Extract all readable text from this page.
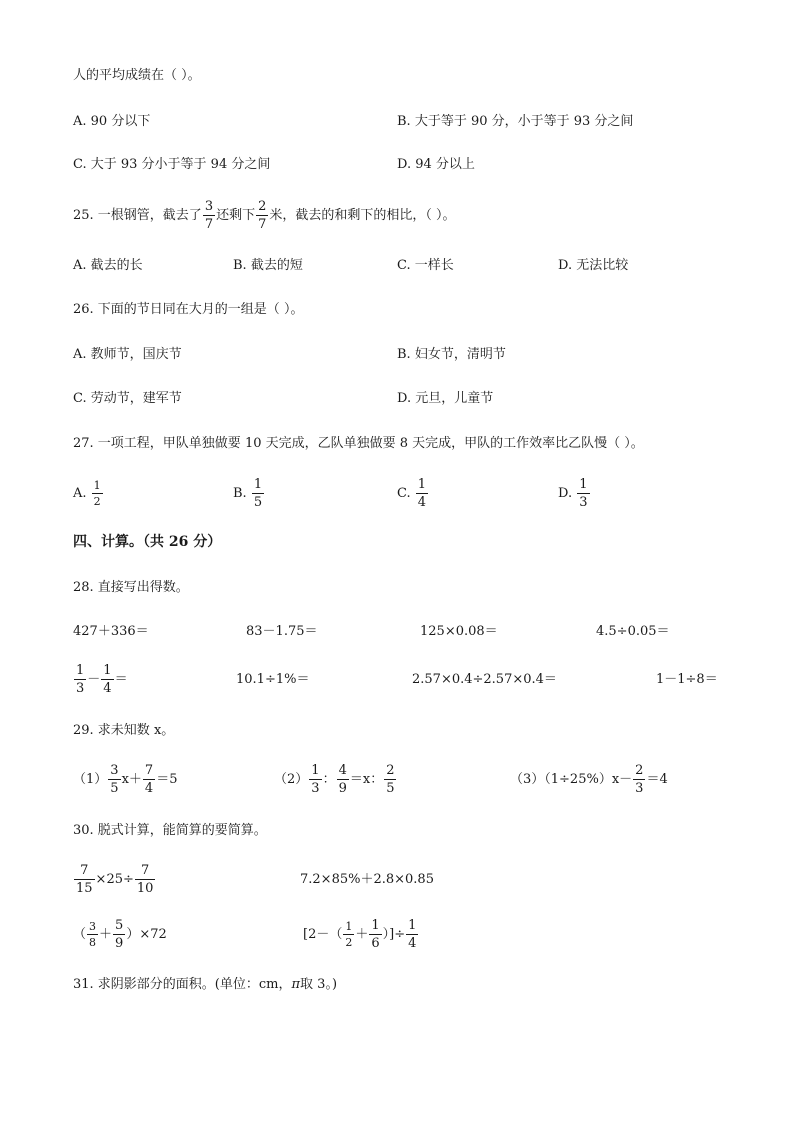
人的平均成绩在（ ）。
A. 90 分以下	B. 大于等于 90 分，小于等于 93 分之间
C. 大于 93 分小于等于 94 分之间	D. 94 分以上
25. 一根钢管，截去了 $\frac{3}{7}$ 还剩下 $\frac{2}{7}$ 米，截去的和剩下的相比，（ ）。
A. 截去的长	B. 截去的短	C. 一样长	D. 无法比较
26. 下面的节日同在大月的一组是（ ）。
A. 教师节，国庆节	B. 妇女节，清明节
C. 劳动节，建军节	D. 元旦，儿童节
27. 一项工程，甲队单独做要 10 天完成，乙队单独做要 8 天完成，甲队的工作效率比乙队慢（ ）。
A. $\frac{1}{2}$	B. $\frac{1}{5}$	C. $\frac{1}{4}$	D. $\frac{1}{3}$
四、计算。（共 26 分）
28. 直接写出得数。
427＋336＝	83－1.75＝	125×0.08＝	4.5÷0.05＝
$\frac{1}{3} - \frac{1}{4}$ ＝	10.1÷1%＝	2.57×0.4÷2.57×0.4＝	1－1÷8＝
29. 求未知数 x。
$(1) \frac{3}{5} x+ \frac{7}{4} =5$	$(2) \frac{1}{3}$ ： $\frac{4}{9} =x$： $\frac{2}{5}$	$(3)(1\div 25\%)x- \frac{2}{3} =4$
30. 脱式计算，能简算的要简算。
$\frac{7}{15} \times 25\div \frac{7}{10}$	7.2×85%＋2.8×0.85
（ $\frac{3}{8} + \frac{5}{9} )\times 72$	[$2-( \frac{1}{2} + \frac{1}{6}$ ）]÷ $\frac{1}{4}$
31. 求阴影部分的面积。(单位：cm，π取 3。)
